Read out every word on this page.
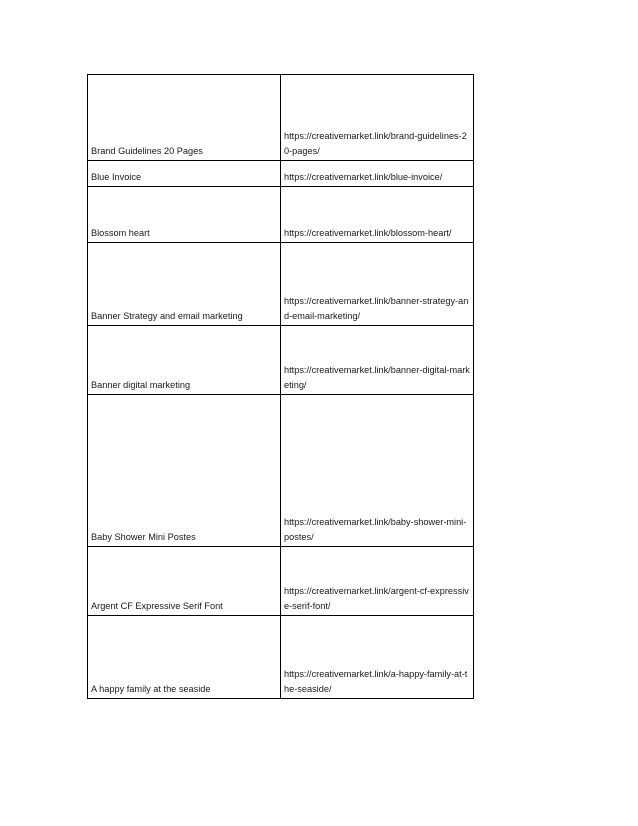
Brand Guidelines 20 Pages	https://creativemarket.link/brand-guidelines-20-pages/
Blue Invoice	https://creativemarket.link/blue-invoice/
Blossom heart	https://creativemarket.link/blossom-heart/
Banner Strategy and email marketing	https://creativemarket.link/banner-strategy-and-email-marketing/
Banner digital marketing	https://creativemarket.link/banner-digital-marketing/
Baby Shower Mini Postes	https://creativemarket.link/baby-shower-mini-postes/
Argent CF Expressive Serif Font	https://creativemarket.link/argent-cf-expressive-serif-font/
A happy family at the seaside	https://creativemarket.link/a-happy-family-at-the-seaside/
